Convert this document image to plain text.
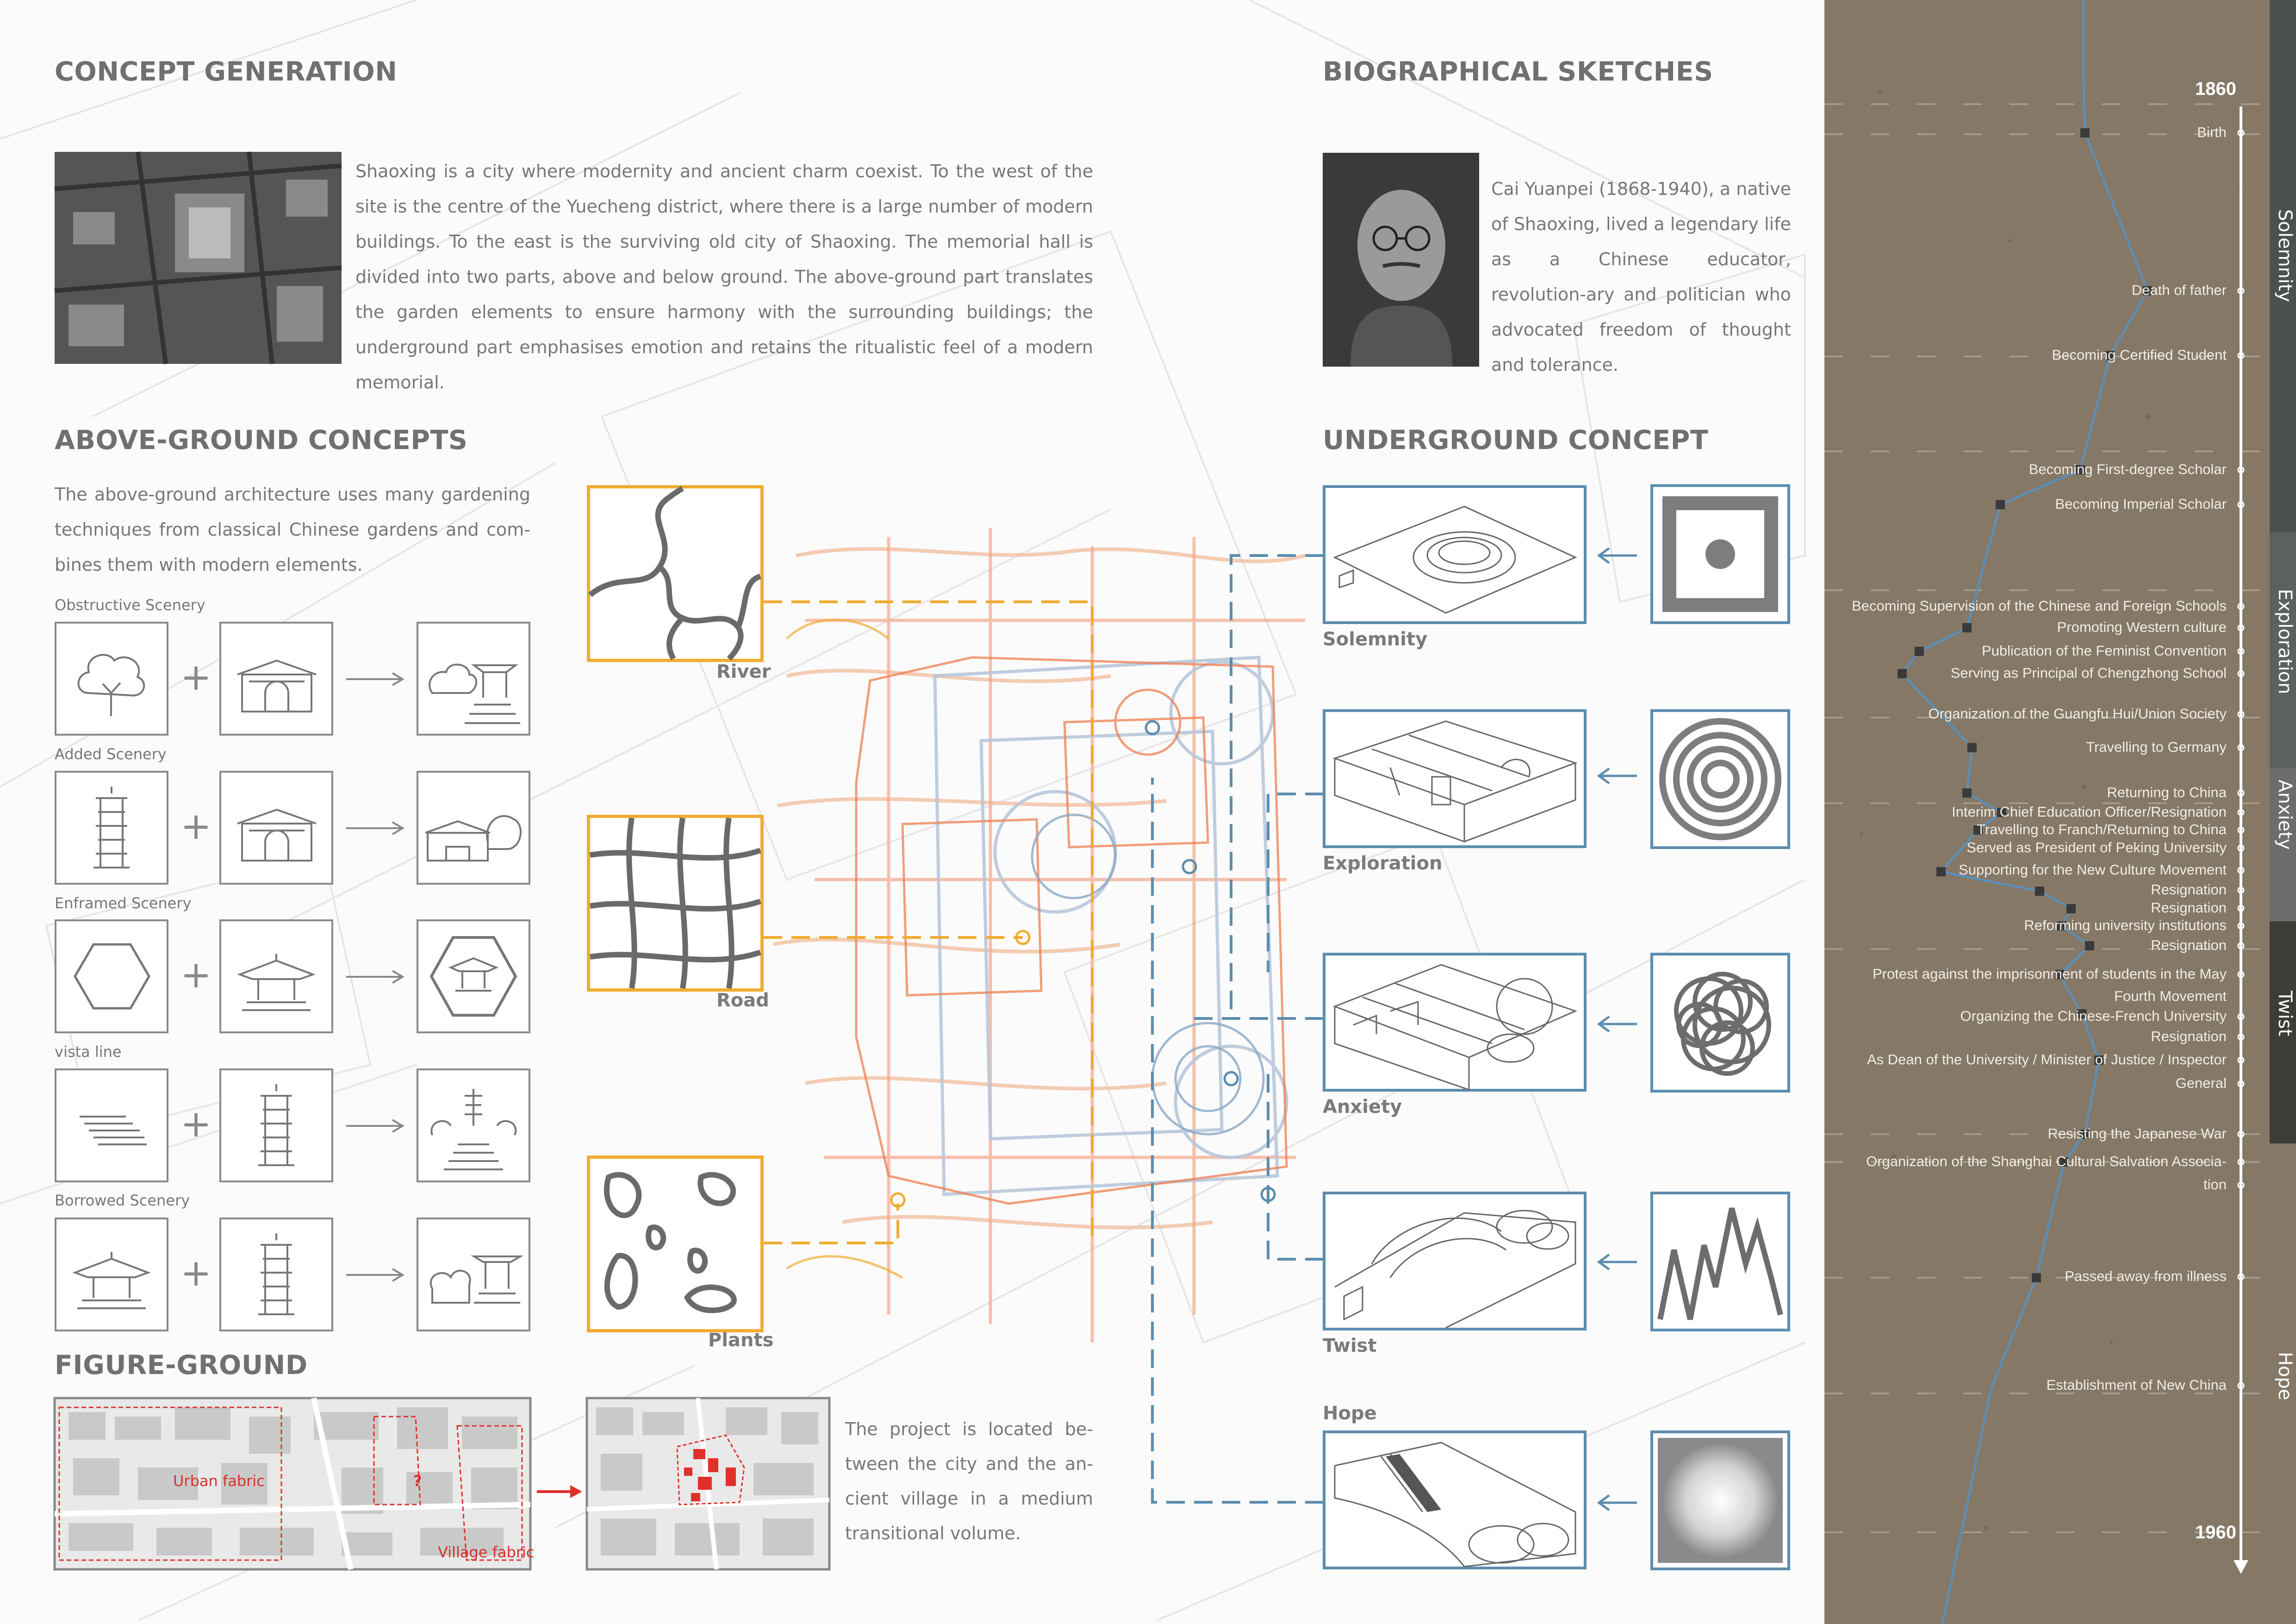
CONCEPT GENERATION
Shaoxing is a city where modernity and ancient charm coexist. To the west of the site is the centre of the Yuecheng district, where there is a large number of modern buildings. To the east is the surviving old city of Shaoxing. The memorial hall is divided into two parts, above and below ground. The above-ground part translates the garden elements to ensure harmony with the surrounding buildings; the underground part emphasises emotion and retains the ritualistic feel of a modern memorial.
ABOVE-GROUND CONCEPTS
The above-ground architecture uses many gardening techniques from classical Chinese gardens and com-bines them with modern elements.
Obstructive Scenery
+
Added Scenery
+
Enframed Scenery
+
vista line
+
Borrowed Scenery
+
FIGURE-GROUND
Urban fabric
Village fabric
?
The project is located be-tween the city and the an-cient village in a medium transitional volume.
River
Road
Plants
BIOGRAPHICAL SKETCHES
Cai Yuanpei (1868-1940), a native of Shaoxing, lived a legendary life as a Chinese educator, revolution-ary and politician who advocated freedom of thought and tolerance.
UNDERGROUND CONCEPT
Solemnity
Exploration
Anxiety
Twist
Hope
1860
1960
Birth
Death of father
Becoming Certified Student
Becoming First-degree Scholar
Becoming Imperial Scholar
Becoming Supervision of the Chinese and Foreign Schools
Promoting Western culture
Publication of the Feminist Convention
Serving as Principal of Chengzhong School
Organization of the Guangfu Hui/Union Society
Travelling to Germany
Returning to China
Interim Chief Education Officer/Resignation
Travelling to Franch/Returning to China
Served as President of Peking University
Supporting for the New Culture Movement
Resignation
Resignation
Reforming university institutions
Resignation
Protest against the imprisonment of students in the May
Fourth Movement
Organizing the Chinese-French University
Resignation
As Dean of the University / Minister of Justice / Inspector
General
Resisting the Japanese War
Organization of the Shanghai Cultural Salvation Associa-
tion
Passed away from illness
Establishment of New China
Solemnity
Exploration
Anxiety
Twist
Hope
